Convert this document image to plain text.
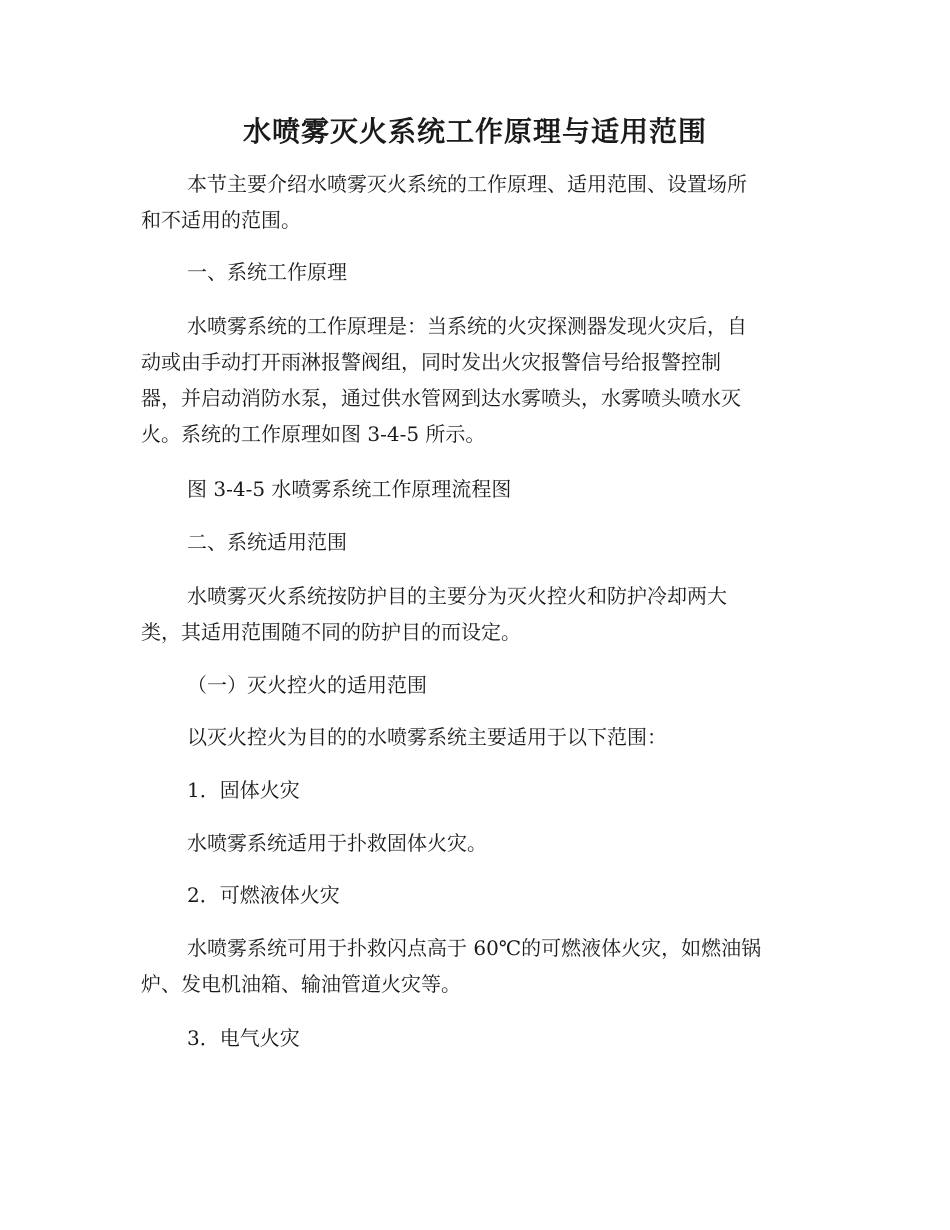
水喷雾灭火系统工作原理与适用范围
本节主要介绍水喷雾灭火系统的工作原理、适用范围、设置场所
和不适用的范围。
一、系统工作原理
水喷雾系统的工作原理是：当系统的火灾探测器发现火灾后，自
动或由手动打开雨淋报警阀组，同时发出火灾报警信号给报警控制
器，并启动消防水泵，通过供水管网到达水雾喷头，水雾喷头喷水灭
火。系统的工作原理如图 3-4-5 所示。
图 3-4-5 水喷雾系统工作原理流程图
二、系统适用范围
水喷雾灭火系统按防护目的主要分为灭火控火和防护冷却两大
类，其适用范围随不同的防护目的而设定。
（一）灭火控火的适用范围
以灭火控火为目的的水喷雾系统主要适用于以下范围：
1．固体火灾
水喷雾系统适用于扑救固体火灾。
2．可燃液体火灾
水喷雾系统可用于扑救闪点高于 60℃的可燃液体火灾，如燃油锅
炉、发电机油箱、输油管道火灾等。
3．电气火灾
